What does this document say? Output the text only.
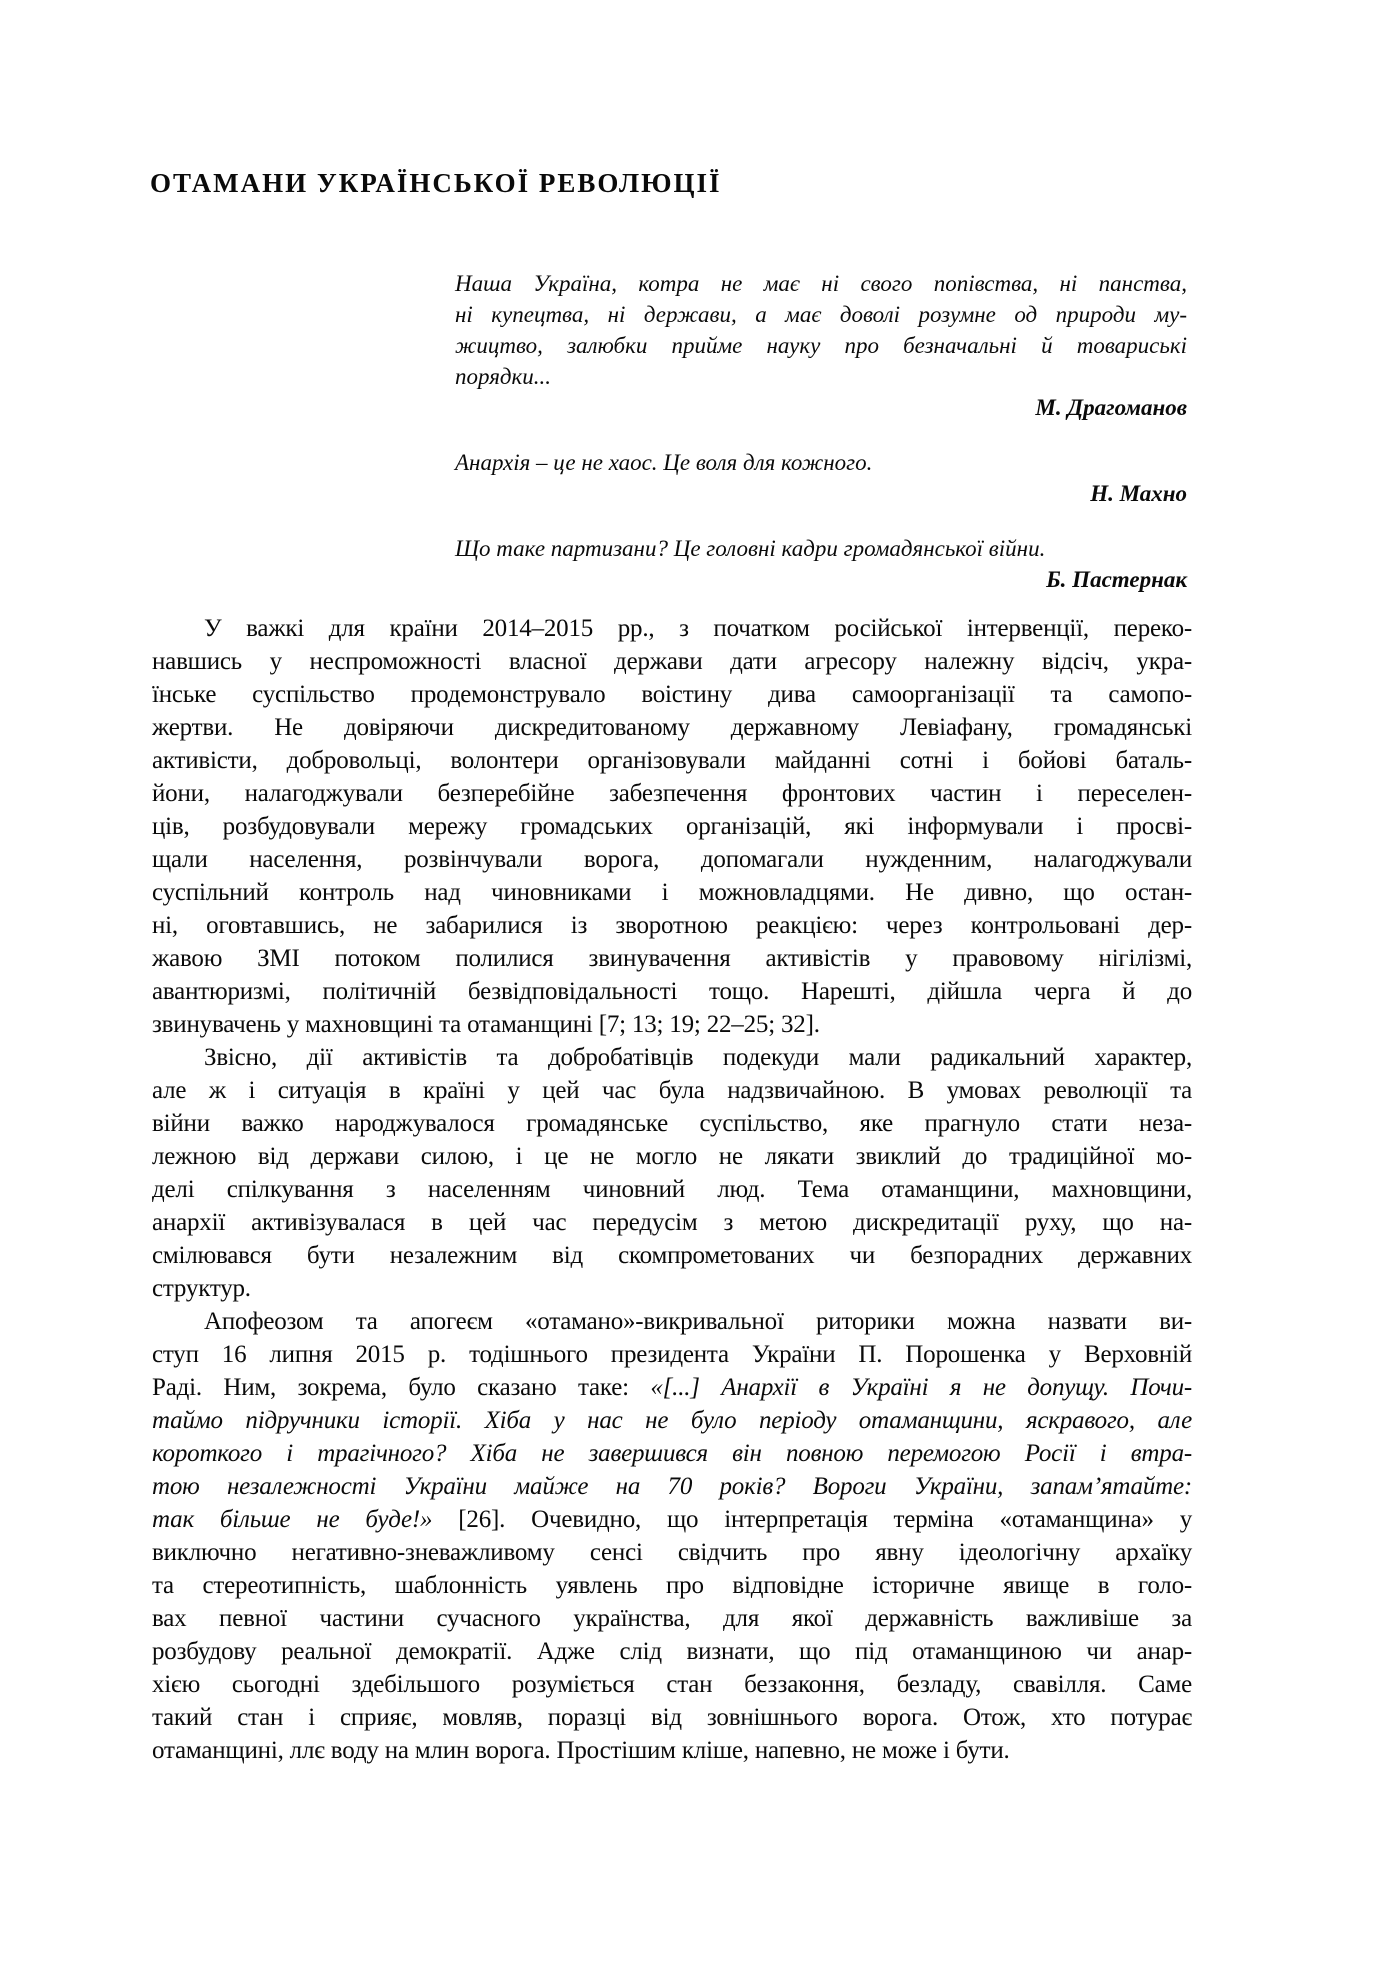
ОТАМАНИ УКРАЇНСЬКОЇ РЕВОЛЮЦІЇ
Наша Україна, котра не має ні свого попівства, ні панства,
ні купецтва, ні держави, а має доволі розумне од природи му-
жицтво, залюбки прийме науку про безначальні й товариські
порядки...
М. Драгоманов
Анархія – це не хаос. Це воля для кожного.
Н. Махно
Що таке партизани? Це головні кадри громадянської війни.
Б. Пастернак
У важкі для країни 2014–2015 рр., з початком російської інтервенції, переко-
навшись у неспроможності власної держави дати агресору належну відсіч, укра-
їнське суспільство продемонструвало воістину дива самоорганізації та самопо-
жертви. Не довіряючи дискредитованому державному Левіафану, громадянські
активісти, добровольці, волонтери організовували майданні сотні і бойові баталь-
йони, налагоджували безперебійне забезпечення фронтових частин і переселен-
ців, розбудовували мережу громадських організацій, які інформували і просві-
щали населення, розвінчували ворога, допомагали нужденним, налагоджували
суспільний контроль над чиновниками і можновладцями. Не дивно, що остан-
ні, оговтавшись, не забарилися із зворотною реакцією: через контрольовані дер-
жавою ЗМІ потоком полилися звинувачення активістів у правовому нігілізмі,
авантюризмі, політичній безвідповідальності тощо. Нарешті, дійшла черга й до
звинувачень у махновщині та отаманщині [7; 13; 19; 22–25; 32].
Звісно, дії активістів та добробатівців подекуди мали радикальний характер,
але ж і ситуація в країні у цей час була надзвичайною. В умовах революції та
війни важко народжувалося громадянське суспільство, яке прагнуло стати неза-
лежною від держави силою, і це не могло не лякати звиклий до традиційної мо-
делі спілкування з населенням чиновний люд. Тема отаманщини, махновщини,
анархії активізувалася в цей час передусім з метою дискредитації руху, що на-
смілювався бути незалежним від скомпрометованих чи безпорадних державних
структур.
Апофеозом та апогеєм «отамано»-викривальної риторики можна назвати ви-
ступ 16 липня 2015 р. тодішнього президента України П. Порошенка у Верховній
Раді. Ним, зокрема, було сказано таке: «[...] Анархії в Україні я не допущу. Почи-
таймо підручники історії. Хіба у нас не було періоду отаманщини, яскравого, але
короткого і трагічного? Хіба не завершився він повною перемогою Росії і втра-
тою незалежності України майже на 70 років? Вороги України, запам’ятайте:
так більше не буде!» [26]. Очевидно, що інтерпретація терміна «отаманщина» у
виключно негативно-зневажливому сенсі свідчить про явну ідеологічну архаїку
та стереотипність, шаблонність уявлень про відповідне історичне явище в голо-
вах певної частини сучасного українства, для якої державність важливіше за
розбудову реальної демократії. Адже слід визнати, що під отаманщиною чи анар-
хією сьогодні здебільшого розуміється стан беззаконня, безладу, свавілля. Саме
такий стан і сприяє, мовляв, поразці від зовнішнього ворога. Отож, хто потурає
отаманщині, ллє воду на млин ворога. Простішим кліше, напевно, не може і бути.
